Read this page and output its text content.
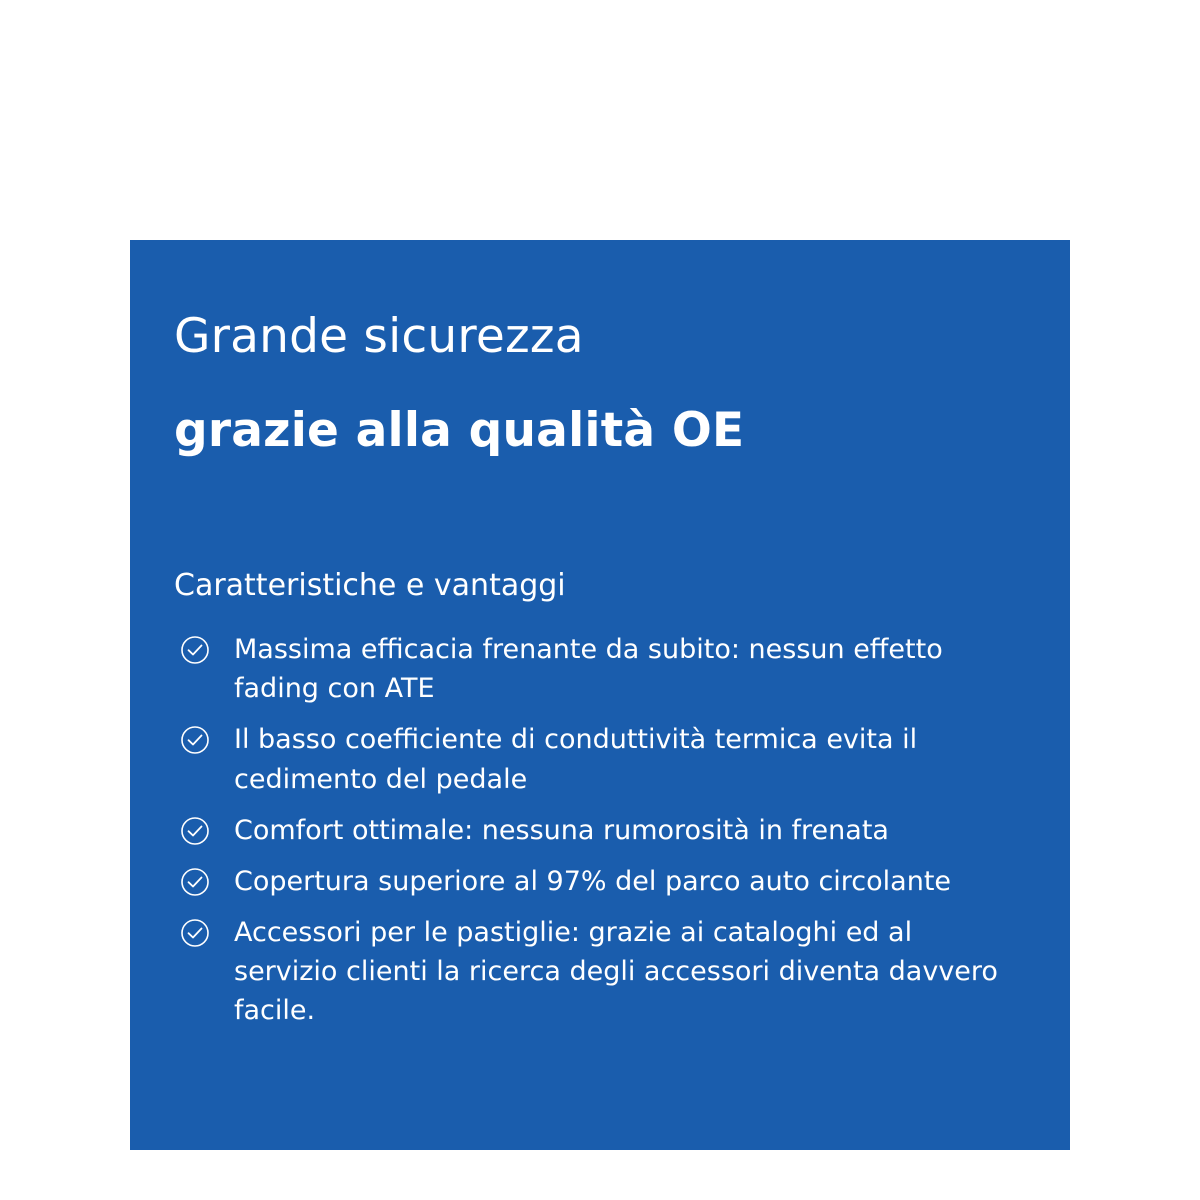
Grande sicurezza
grazie alla qualità OE
Caratteristiche e vantaggi
Massima efficacia frenante da subito: nessun effetto fading con ATE
Il basso coefficiente di conduttività termica evita il cedimento del pedale
Comfort ottimale: nessuna rumorosità in frenata
Copertura superiore al 97% del parco auto circolante
Accessori per le pastiglie: grazie ai cataloghi ed al servizio clienti la ricerca degli accessori diventa davvero facile.
